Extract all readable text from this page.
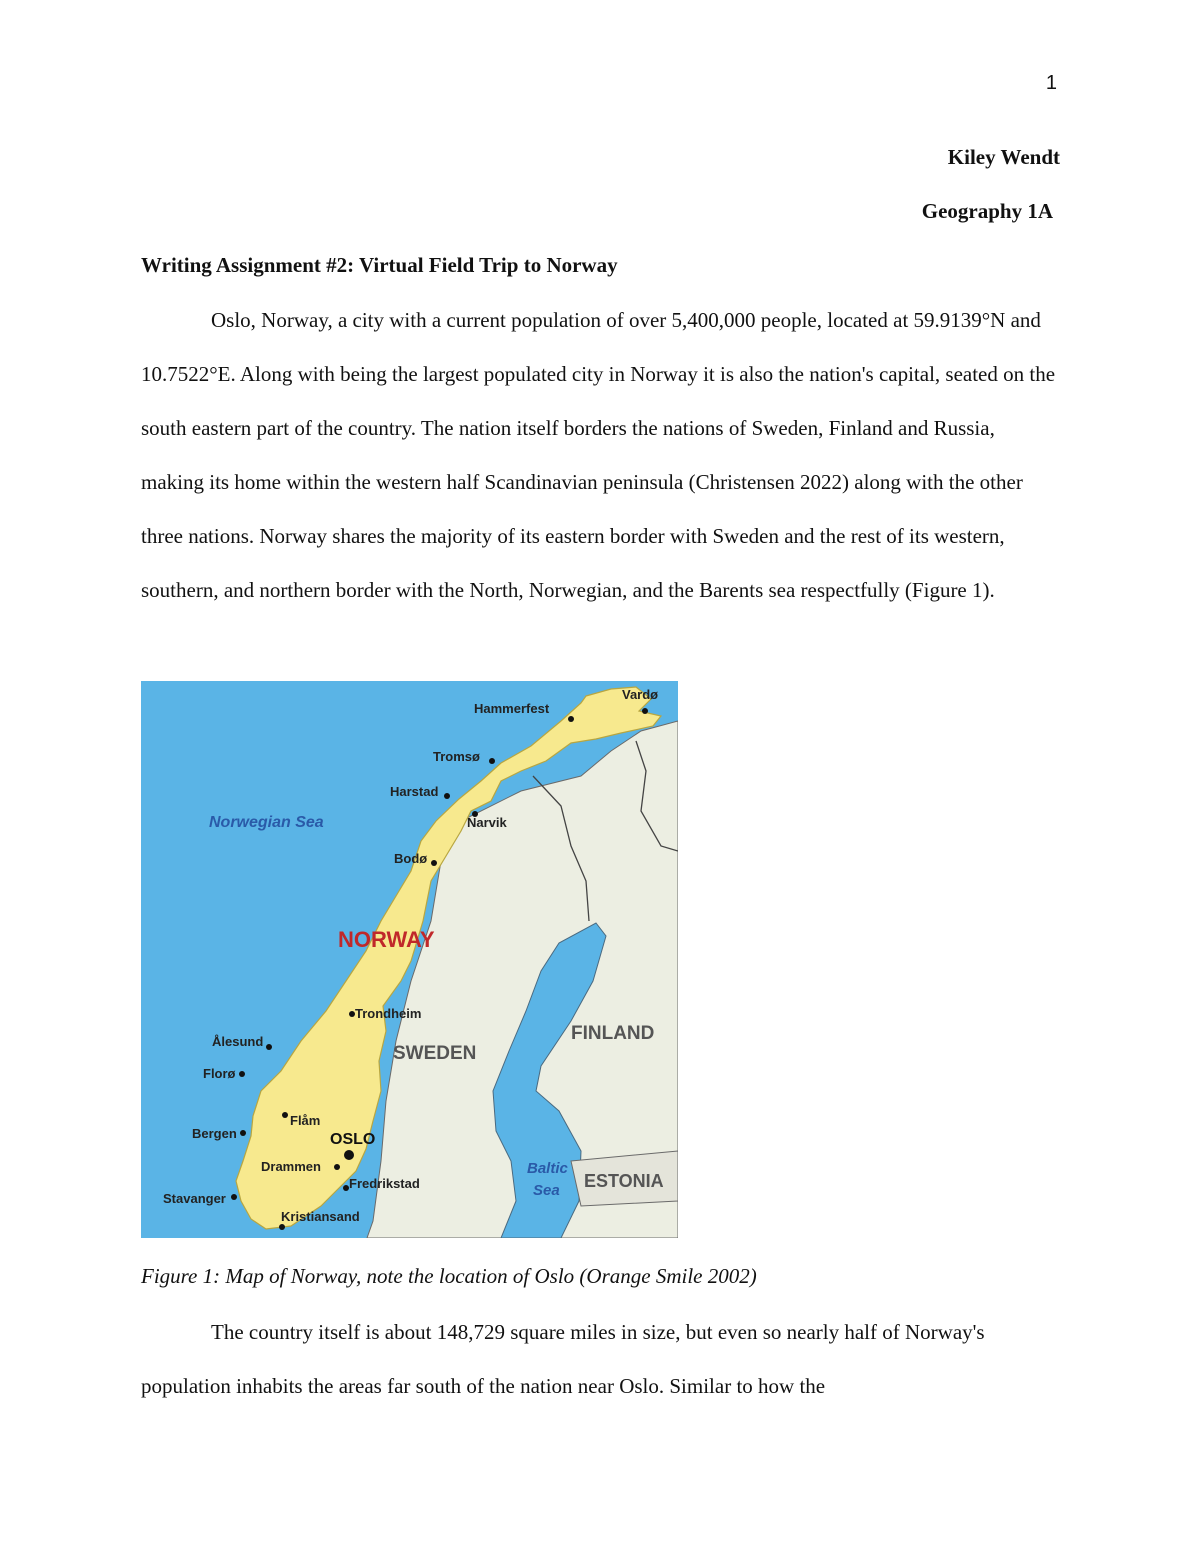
1
Kiley Wendt
Geography 1A
Writing Assignment #2: Virtual Field Trip to Norway

Oslo, Norway, a city with a current population of over 5,400,000 people, located at 59.9139°N and 10.7522°E. Along with being the largest populated city in Norway it is also the nation's capital, seated on the south eastern part of the country. The nation itself borders the nations of Sweden, Finland and Russia, making its home within the western half Scandinavian peninsula (Christensen 2022) along with the other three nations. Norway shares the majority of its eastern border with Sweden and the rest of its western, southern, and northern border with the North, Norwegian, and the Barents sea respectfully (Figure 1).

Norwegian Sea
NORWAY
SWEDEN
FINLAND
ESTONIA
Baltic
Sea
OSLO
Vardø
Hammerfest
Tromsø
Harstad
Narvik
Bodø
Trondheim
Ålesund
Florø
Flåm
Bergen
Drammen
Fredrikstad
Stavanger
Kristiansand
Figure 1: Map of Norway, note the location of Oslo (Orange Smile 2002)

The country itself is about 148,729 square miles in size, but even so nearly half of Norway's population inhabits the areas far south of the nation near Oslo. Similar to how the
